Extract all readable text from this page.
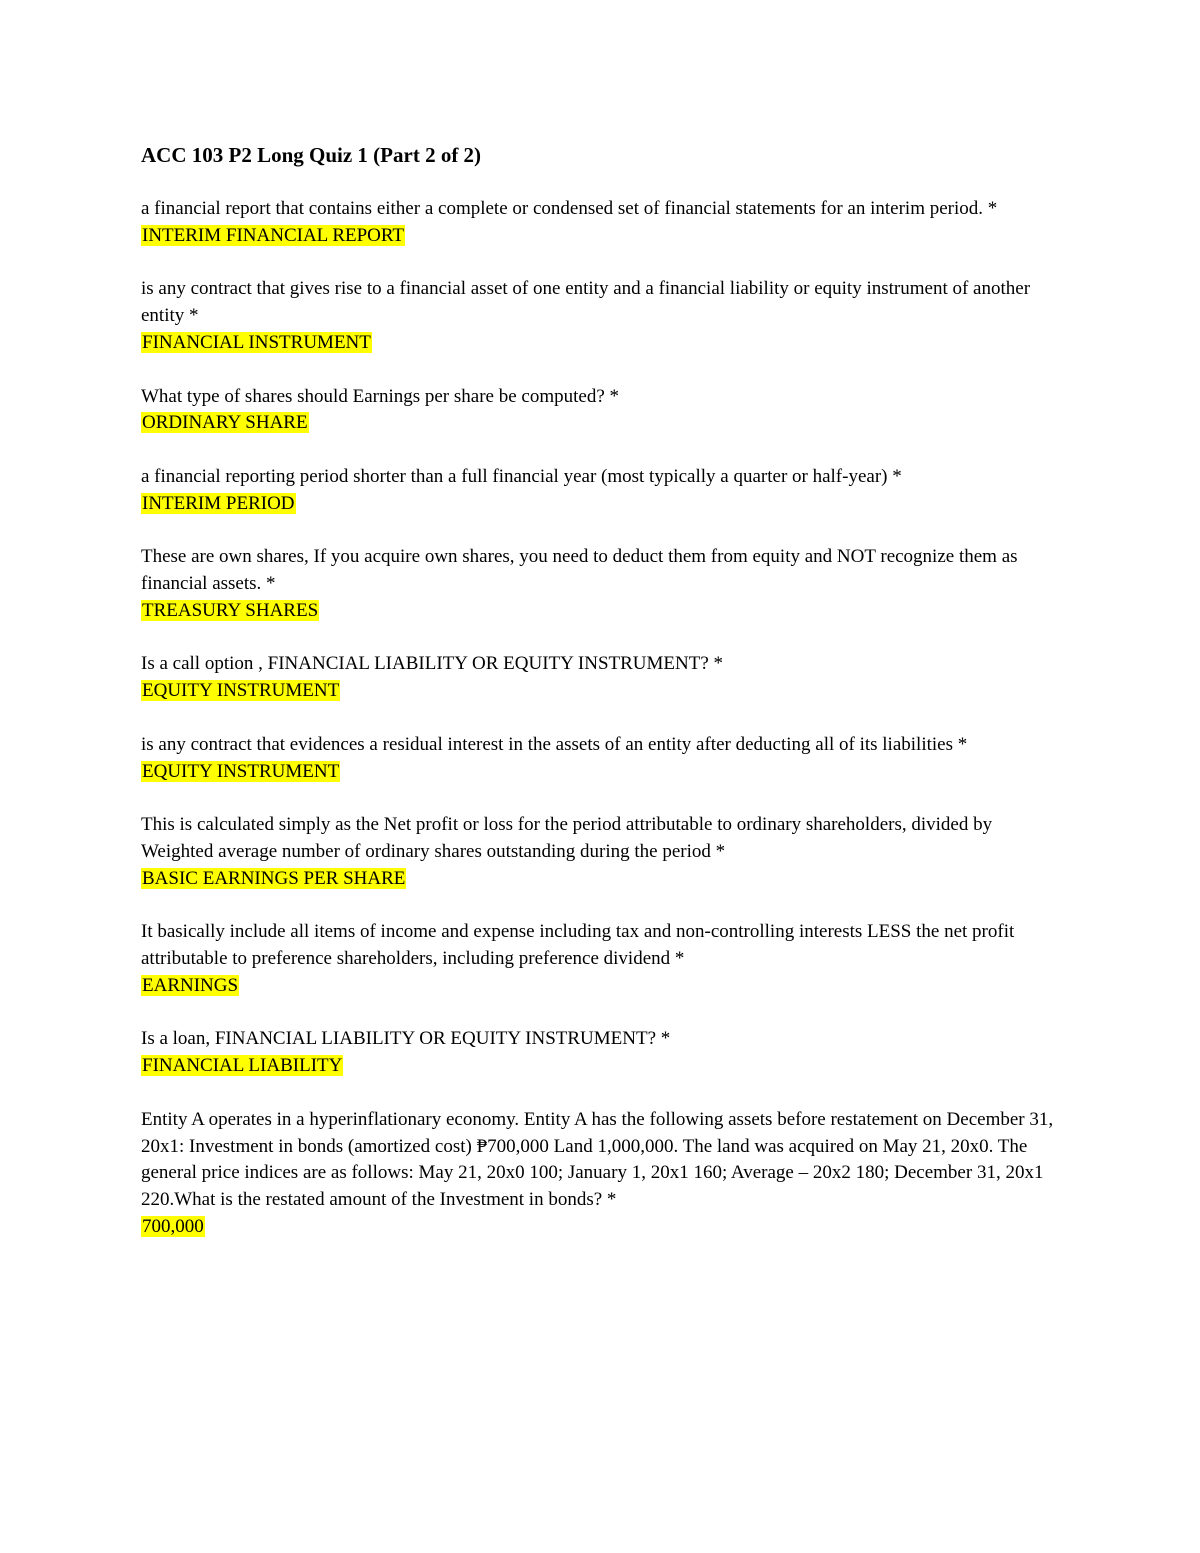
ACC 103 P2 Long Quiz 1 (Part 2 of 2)

a financial report that contains either a complete or condensed set of financial statements for an interim period. *

INTERIM FINANCIAL REPORT

is any contract that gives rise to a financial asset of one entity and a financial liability or equity instrument of another entity *

FINANCIAL INSTRUMENT

What type of shares should Earnings per share be computed? *

ORDINARY SHARE

a financial reporting period shorter than a full financial year (most typically a quarter or half-year) *

INTERIM PERIOD

These are own shares, If you acquire own shares, you need to deduct them from equity and NOT recognize them as financial assets. *

TREASURY SHARES

Is a call option , FINANCIAL LIABILITY OR EQUITY INSTRUMENT? *

EQUITY INSTRUMENT

is any contract that evidences a residual interest in the assets of an entity after deducting all of its liabilities *

EQUITY INSTRUMENT

This is calculated simply as the Net profit or loss for the period attributable to ordinary shareholders, divided by Weighted average number of ordinary shares outstanding during the period *

BASIC EARNINGS PER SHARE

It basically include all items of income and expense including tax and non-controlling interests LESS the net profit attributable to preference shareholders, including preference dividend *

EARNINGS

Is a loan, FINANCIAL LIABILITY OR EQUITY INSTRUMENT? *

FINANCIAL LIABILITY

Entity A operates in a hyperinflationary economy. Entity A has the following assets before restatement on December 31, 20x1: Investment in bonds (amortized cost) ₱700,000 Land 1,000,000. The land was acquired on May 21, 20x0. The general price indices are as follows: May 21, 20x0 100; January 1, 20x1 160; Average – 20x2 180; December 31, 20x1 220.What is the restated amount of the Investment in bonds? *

700,000
